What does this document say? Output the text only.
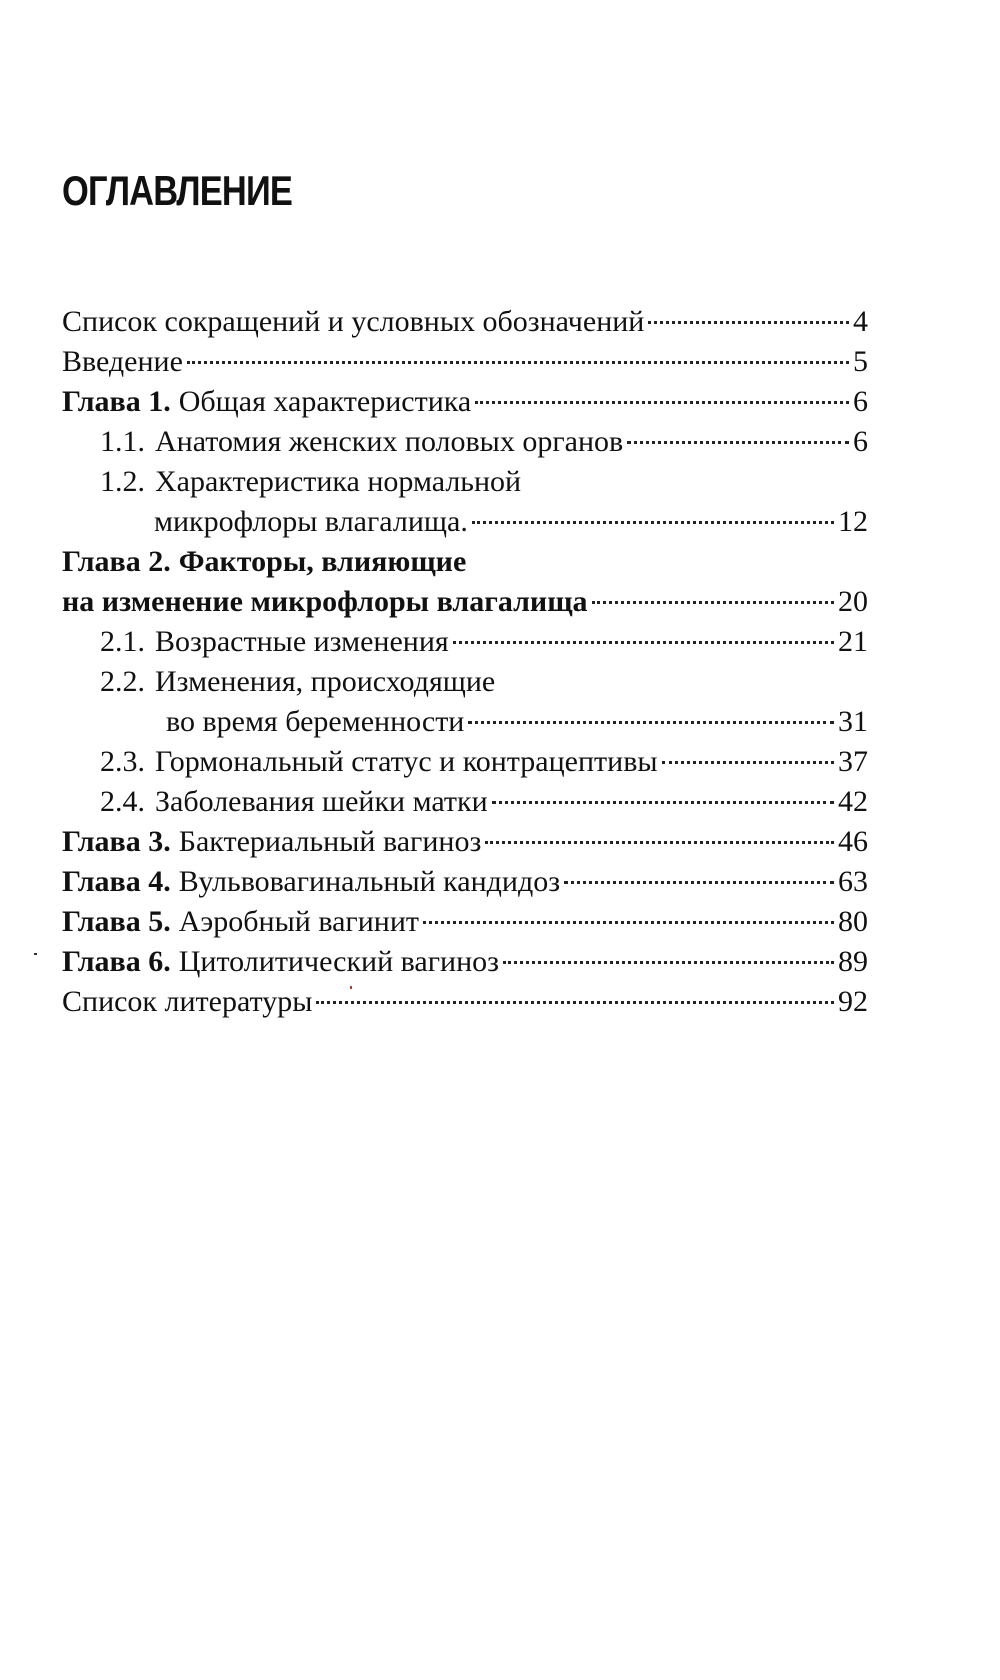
ОГЛАВЛЕНИЕ
Список сокращений и условных обозначений	4
Введение	5
Глава 1. Общая характеристика	6
1.1. Анатомия женских половых органов	6
1.2. Характеристика нормальной
микрофлоры влагалища.	12
Глава 2. Факторы, влияющие
на изменение микрофлоры влагалища	20
2.1. Возрастные изменения	21
2.2. Изменения, происходящие
во время беременности	31
2.3. Гормональный статус и контрацептивы	37
2.4. Заболевания шейки матки	42
Глава 3. Бактериальный вагиноз	46
Глава 4. Вульвовагинальный кандидоз	63
Глава 5. Аэробный вагинит	80
Глава 6. Цитолитический вагиноз	89
Список литературы	92
